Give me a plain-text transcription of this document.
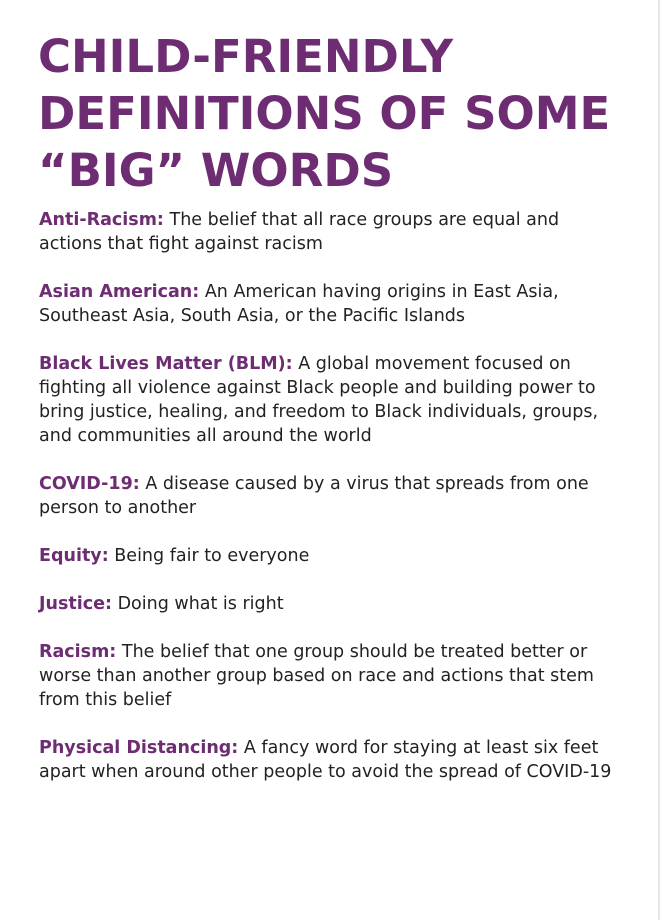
CHILD-FRIENDLY
DEFINITIONS OF SOME
“BIG” WORDS
Anti-Racism: The belief that all race groups are equal and actions that fight against racism
Asian American: An American having origins in East Asia, Southeast Asia, South Asia, or the Pacific Islands
Black Lives Matter (BLM): A global movement focused on fighting all violence against Black people and building power to bring justice, healing, and freedom to Black individuals, groups, and communities all around the world
COVID-19: A disease caused by a virus that spreads from one person to another
Equity: Being fair to everyone
Justice: Doing what is right
Racism: The belief that one group should be treated better or worse than another group based on race and actions that stem from this belief
Physical Distancing: A fancy word for staying at least six feet apart when around other people to avoid the spread of COVID-19
